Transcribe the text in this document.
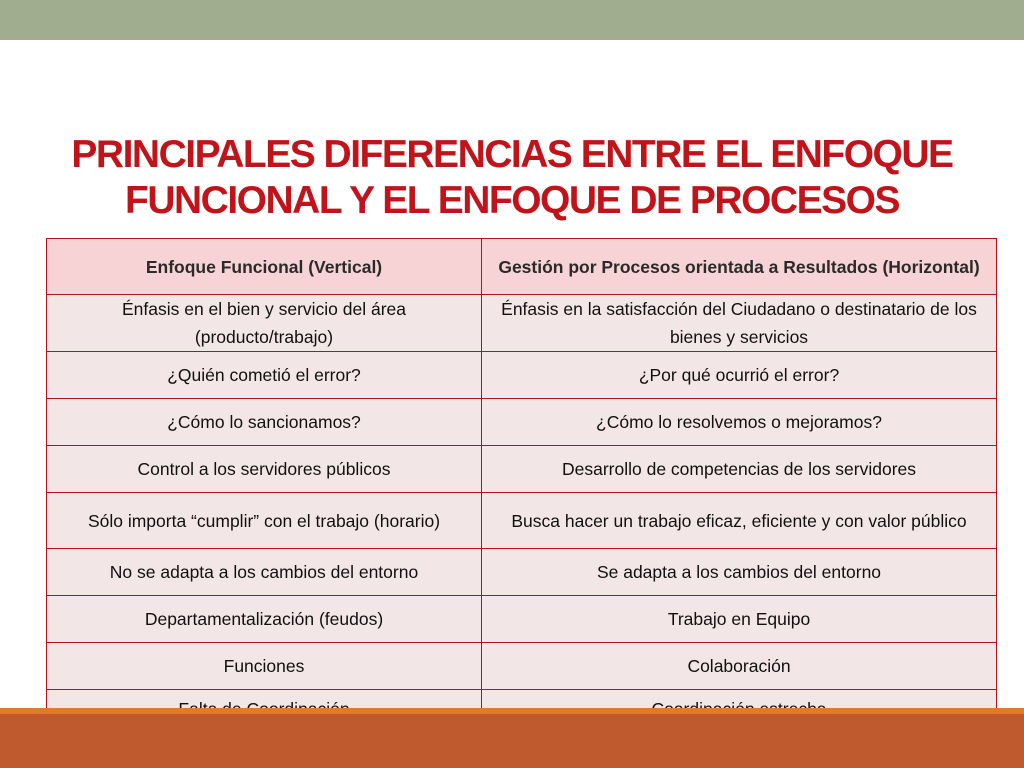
PRINCIPALES DIFERENCIAS ENTRE EL ENFOQUE
FUNCIONAL Y EL ENFOQUE DE PROCESOS
Enfoque Funcional (Vertical)	Gestión por Procesos orientada a Resultados (Horizontal)
Énfasis en el bien y servicio del área (producto/trabajo)	Énfasis en la satisfacción del Ciudadano o destinatario de los bienes y servicios
¿Quién cometió el error?	¿Por qué ocurrió el error?
¿Cómo lo sancionamos?	¿Cómo lo resolvemos o mejoramos?
Control a los servidores públicos	Desarrollo de competencias de los servidores
Sólo importa “cumplir” con el trabajo (horario)	Busca hacer un trabajo eficaz, eficiente y con valor público
No se adapta a los cambios del entorno	Se adapta a los cambios del entorno
Departamentalización (feudos)	Trabajo en Equipo
Funciones	Colaboración
